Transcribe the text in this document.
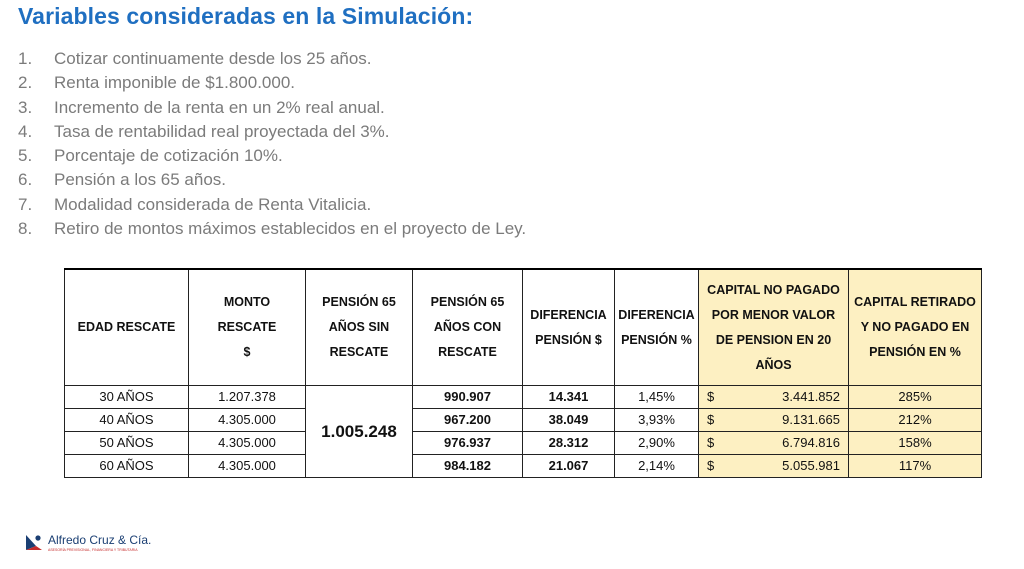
Variables consideradas en la Simulación:
1. Cotizar continuamente desde los 25 años.
2. Renta imponible de $1.800.000.
3. Incremento de la renta en un 2% real anual.
4. Tasa de rentabilidad real proyectada del 3%.
5. Porcentaje de cotización 10%.
6. Pensión a los 65 años.
7. Modalidad considerada de Renta Vitalicia.
8. Retiro de montos máximos establecidos en el proyecto de Ley.
EDAD RESCATE	MONTO RESCATE $	PENSIÓN 65 AÑOS SIN RESCATE	PENSIÓN 65 AÑOS CON RESCATE	DIFERENCIA PENSIÓN $	DIFERENCIA PENSIÓN %	CAPITAL NO PAGADO POR MENOR VALOR DE PENSION EN 20 AÑOS	CAPITAL RETIRADO Y NO PAGADO EN PENSIÓN EN %
30 AÑOS	1.207.378	1.005.248	990.907	14.341	1,45%	$ 3.441.852	285%
40 AÑOS	4.305.000		967.200	38.049	3,93%	$ 9.131.665	212%
50 AÑOS	4.305.000		976.937	28.312	2,90%	$ 6.794.816	158%
60 AÑOS	4.305.000		984.182	21.067	2,14%	$ 5.055.981	117%
Alfredo Cruz & Cía.
ASESORÍA PREVISIONAL, FINANCIERA Y TRIBUTARIA
